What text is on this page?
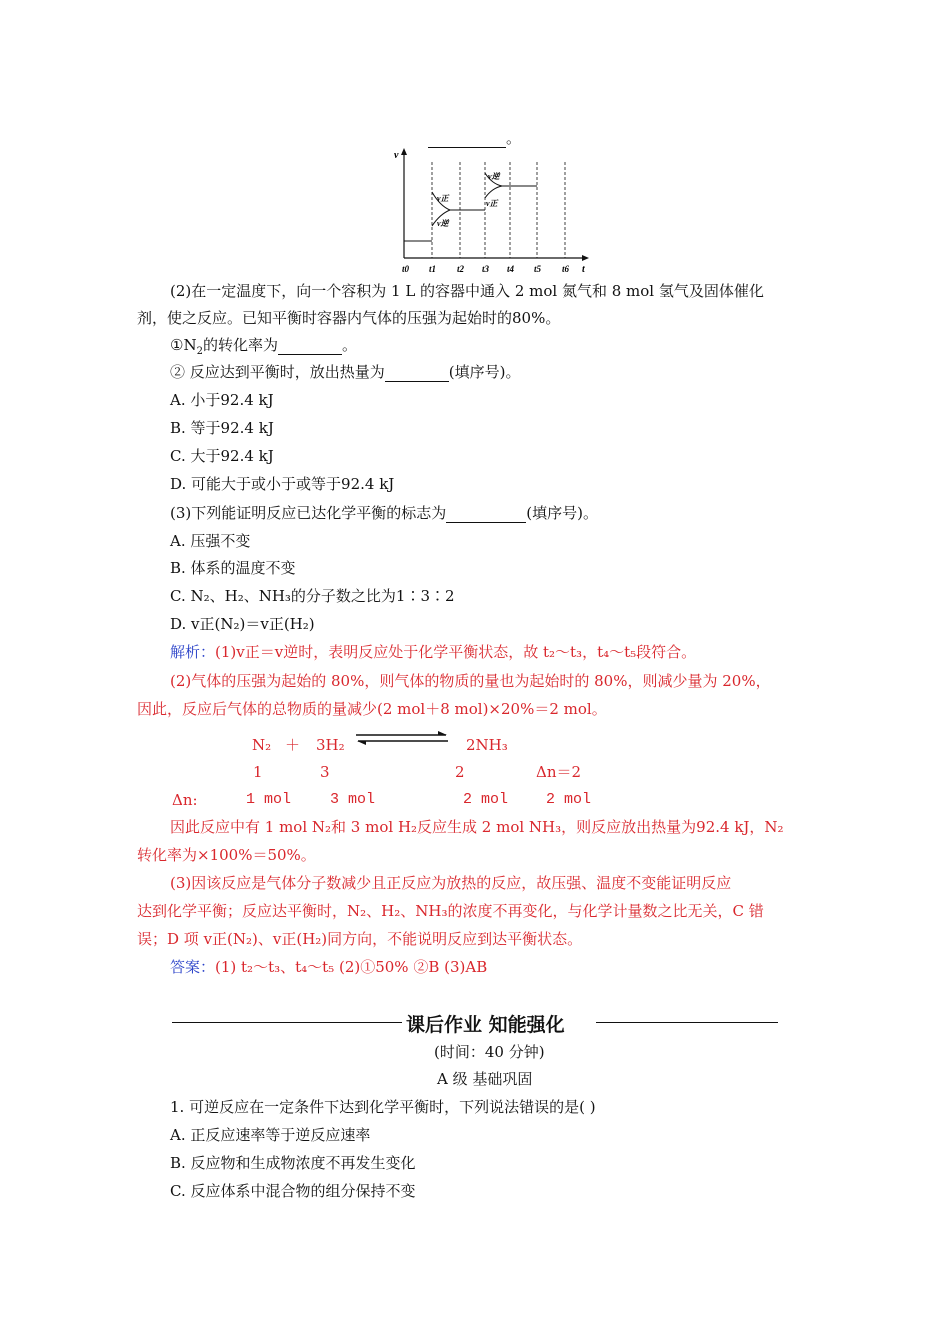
。
v
t
v正
v逆
v逆
v正
t0 t1 t2 t3 t4 t5 t6
(2)在一定温度下，向一个容积为 1 L 的容器中通入 2 mol 氮气和 8 mol 氢气及固体催化
剂，使之反应。已知平衡时容器内气体的压强为起始时的80%。
$①N_2$的转化率为	。
② 反应达到平衡时，放出热量为	(填序号)。
A. 小于92.4 kJ
B. 等于92.4 kJ
C. 大于92.4 kJ
D. 可能大于或小于或等于92.4 kJ
(3)下列能证明反应已达化学平衡的标志为	(填序号)。
A. 压强不变
B. 体系的温度不变
C. N₂、H₂、NH₃的分子数之比为1∶3∶2
D. v正(N₂)＝v正(H₂)
解析：(1)v正＝v逆时，表明反应处于化学平衡状态，故 t₂～t₃，t₄～t₅段符合。
(2)气体的压强为起始的 80%，则气体的物质的量也为起始时的 80%，则减少量为 20%，
因此，反应后气体的总物质的量减少(2 mol＋8 mol)×20%＝2 mol。
N₂ ＋ 3H₂	2NH₃
1	3	2	Δn＝2
Δn:	1 mol	3 mol	2 mol	2 mol
因此反应中有 1 mol N₂和 3 mol H₂反应生成 2 mol NH₃，则反应放出热量为92.4 kJ，N₂
转化率为×100%＝50%。
(3)因该反应是气体分子数减少且正反应为放热的反应，故压强、温度不变能证明反应
达到化学平衡；反应达平衡时，N₂、H₂、NH₃的浓度不再变化，与化学计量数之比无关，C 错
误；D 项 v正(N₂)、v正(H₂)同方向，不能说明反应到达平衡状态。
答案：(1) t₂～t₃、t₄～t₅ (2)①50% ②B (3)AB
课后作业 知能强化
(时间：40 分钟)
A 级 基础巩固
1. 可逆反应在一定条件下达到化学平衡时，下列说法错误的是( )
A. 正反应速率等于逆反应速率
B. 反应物和生成物浓度不再发生变化
C. 反应体系中混合物的组分保持不变
